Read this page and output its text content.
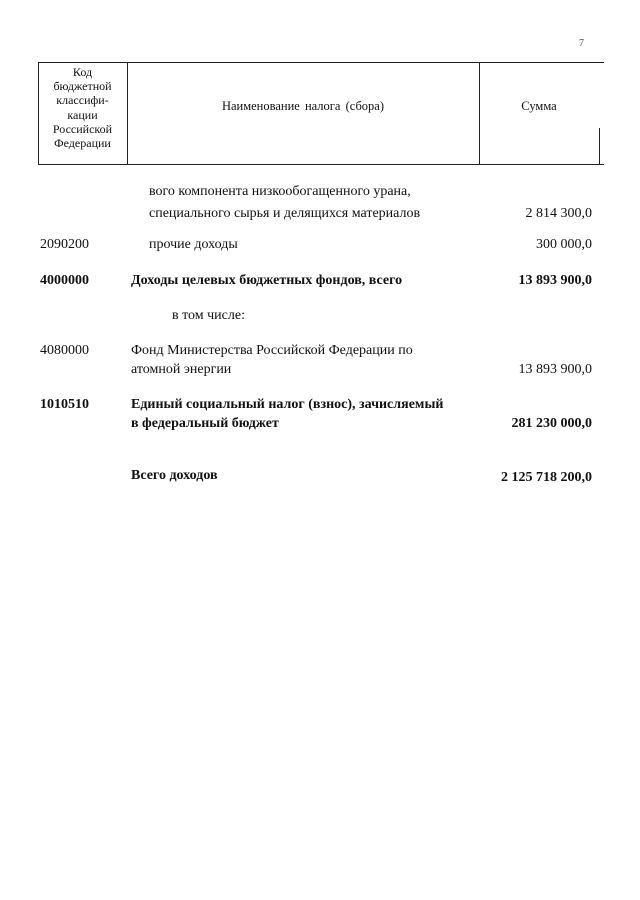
7
Код
бюджетной
классифи-
кации
Российской
Федерации
Наименование налога (сбора)	Сумма
вого компонента низкообогащенного урана,
специального сырья и делящихся материалов	2 814 300,0
2090200	прочие доходы	300 000,0
4000000	Доходы целевых бюджетных фондов, всего	13 893 900,0
в том числе:
4080000	Фонд Министерства Российской Федерации по
атомной энергии	13 893 900,0
1010510	Единый социальный налог (взнос), зачисляемый
в федеральный бюджет	281 230 000,0
Всего доходов	2 125 718 200,0
